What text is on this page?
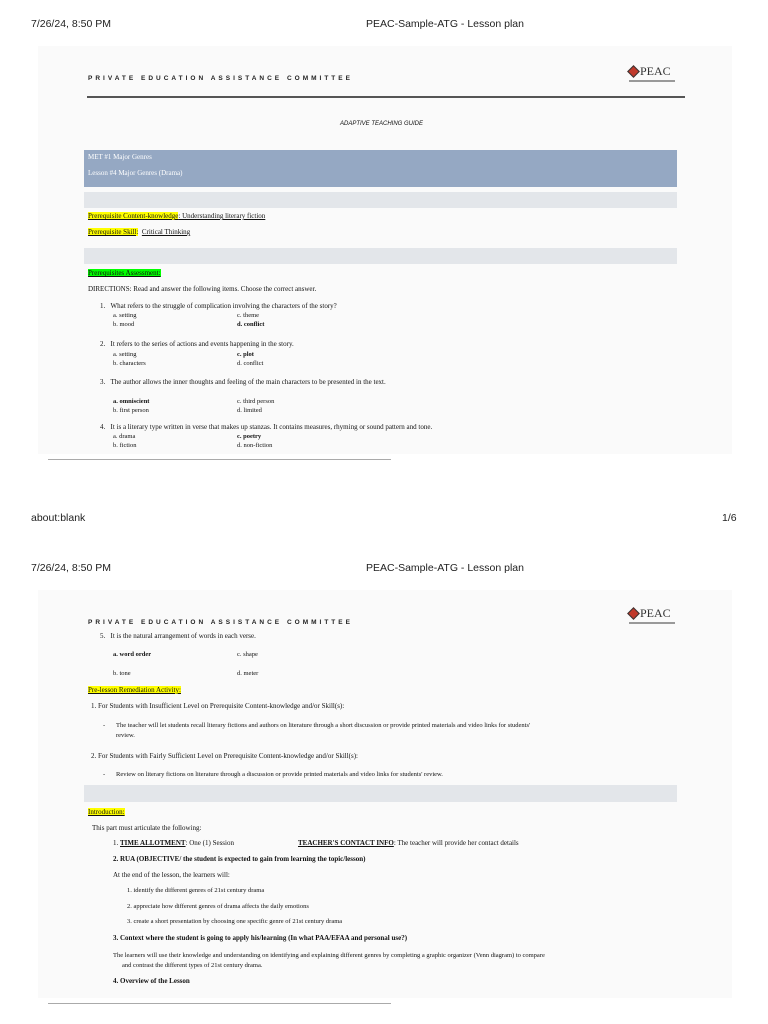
7/26/24, 8:50 PM	PEAC-Sample-ATG - Lesson plan
PRIVATE EDUCATION ASSISTANCE COMMITTEE
PEAC
ADAPTIVE TEACHING GUIDE
MET #1 Major Genres
Lesson #4 Major Genres (Drama)
Prerequisite Content-knowledge: Understanding literary fiction
Prerequisite Skill: Critical Thinking
Prerequisites Assessment:
DIRECTIONS: Read and answer the following items. Choose the correct answer.
1. What refers to the struggle of complication involving the characters of the story?
a. setting
b. mood
c. theme
d. conflict
2. It refers to the series of actions and events happening in the story.
a. setting
b. characters
c. plot
d. conflict
3. The author allows the inner thoughts and feeling of the main characters to be presented in the text.
a. omniscient
b. first person
c. third person
d. limited
4. It is a literary type written in verse that makes up stanzas. It contains measures, rhyming or sound pattern and tone.
a. drama
b. fiction
c. poetry
d. non-fiction
about:blank	1/6
7/26/24, 8:50 PM	PEAC-Sample-ATG - Lesson plan
PRIVATE EDUCATION ASSISTANCE COMMITTEE
PEAC
5. It is the natural arrangement of words in each verse.
a. word order
b. tone
c. shape
d. meter
Pre-lesson Remediation Activity:
1. For Students with Insufficient Level on Prerequisite Content-knowledge and/or Skill(s):
- The teacher will let students recall literary fictions and authors on literature through a short discussion or provide printed materials and video links for students'
review.
2. For Students with Fairly Sufficient Level on Prerequisite Content-knowledge and/or Skill(s):
- Review on literary fictions on literature through a discussion or provide printed materials and video links for students' review.
Introduction:
This part must articulate the following:
1. TIME ALLOTMENT: One (1) Session	TEACHER'S CONTACT INFO: The teacher will provide her contact details
2. RUA (OBJECTIVE/ the student is expected to gain from learning the topic/lesson)
At the end of the lesson, the learners will:
1. identify the different genres of 21st century drama
2. appreciate how different genres of drama affects the daily emotions
3. create a short presentation by choosing one specific genre of 21st century drama
3. Context where the student is going to apply his/learning (In what PAA/EFAA and personal use?)
The learners will use their knowledge and understanding on identifying and explaining different genres by completing a graphic organizer (Venn diagram) to compare
and contrast the different types of 21st century drama.
4. Overview of the Lesson
